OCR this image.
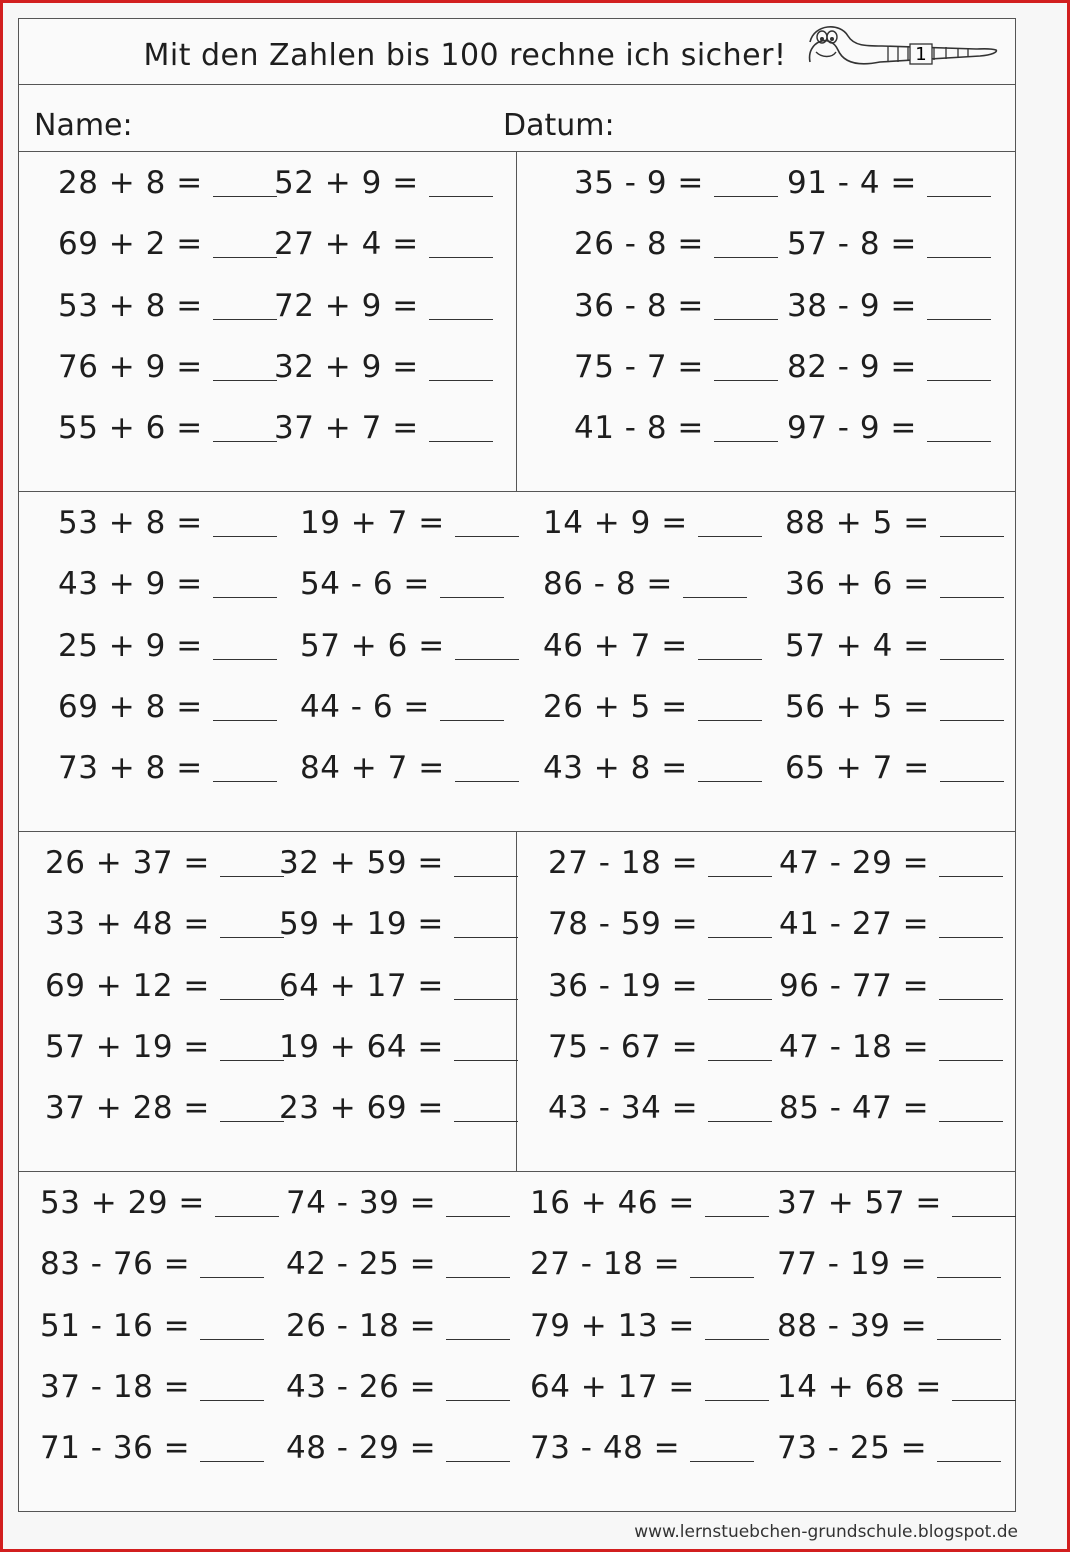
Mit den Zahlen bis 100 rechne ich sicher!	1
Name:	Datum:
28 + 8 =
69 + 2 =
53 + 8 =
76 + 9 =
55 + 6 =
52 + 9 =
27 + 4 =
72 + 9 =
32 + 9 =
37 + 7 =
35 - 9 =
26 - 8 =
36 - 8 =
75 - 7 =
41 - 8 =
91 - 4 =
57 - 8 =
38 - 9 =
82 - 9 =
97 - 9 =
53 + 8 =
43 + 9 =
25 + 9 =
69 + 8 =
73 + 8 =
19 + 7 =
54 - 6 =
57 + 6 =
44 - 6 =
84 + 7 =
14 + 9 =
86 - 8 =
46 + 7 =
26 + 5 =
43 + 8 =
88 + 5 =
36 + 6 =
57 + 4 =
56 + 5 =
65 + 7 =
26 + 37 =
33 + 48 =
69 + 12 =
57 + 19 =
37 + 28 =
32 + 59 =
59 + 19 =
64 + 17 =
19 + 64 =
23 + 69 =
27 - 18 =
78 - 59 =
36 - 19 =
75 - 67 =
43 - 34 =
47 - 29 =
41 - 27 =
96 - 77 =
47 - 18 =
85 - 47 =
53 + 29 =
83 - 76 =
51 - 16 =
37 - 18 =
71 - 36 =
74 - 39 =
42 - 25 =
26 - 18 =
43 - 26 =
48 - 29 =
16 + 46 =
27 - 18 =
79 + 13 =
64 + 17 =
73 - 48 =
37 + 57 =
77 - 19 =
88 - 39 =
14 + 68 =
73 - 25 =
www.lernstuebchen-grundschule.blogspot.de
